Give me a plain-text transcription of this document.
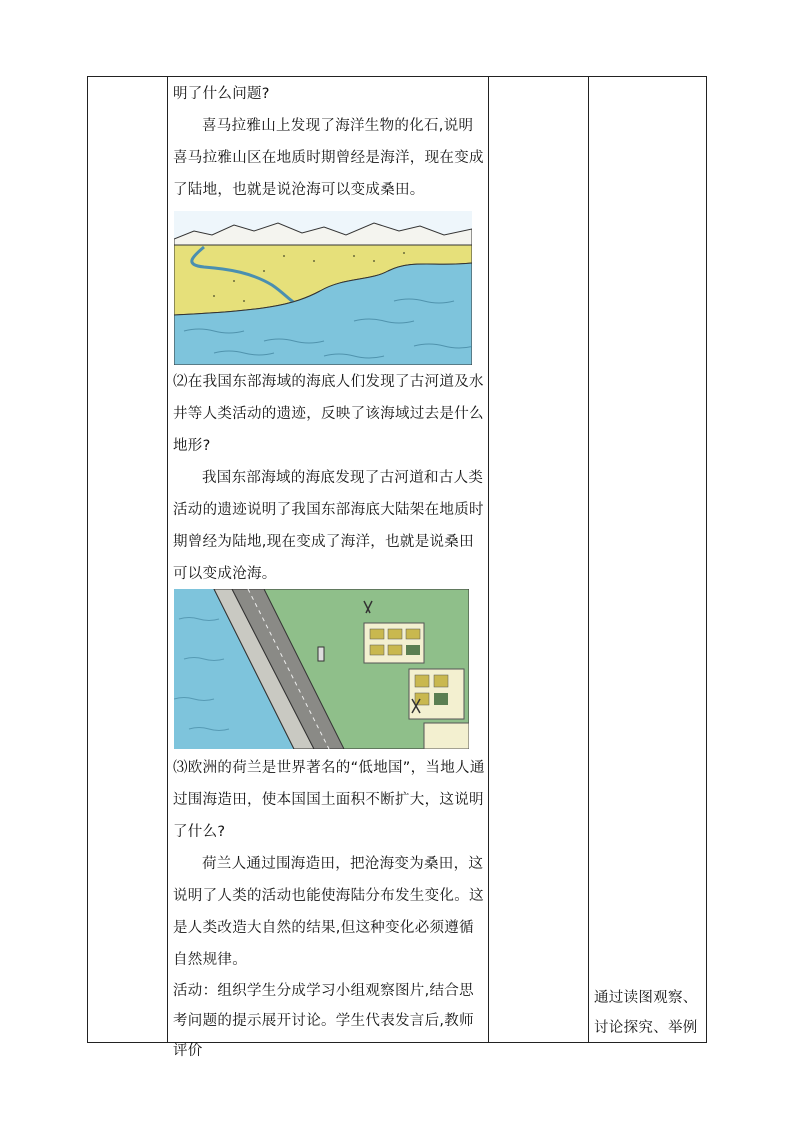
明了什么问题?

喜马拉雅山上发现了海洋生物的化石,说明喜马拉雅山区在地质时期曾经是海洋，现在变成了陆地，也就是说沧海可以变成桑田。

⑵在我国东部海域的海底人们发现了古河道及水井等人类活动的遗迹，反映了该海域过去是什么地形?

我国东部海域的海底发现了古河道和古人类活动的遗迹说明了我国东部海底大陆架在地质时期曾经为陆地,现在变成了海洋，也就是说桑田可以变成沧海。

⑶欧洲的荷兰是世界著名的“低地国”，当地人通过围海造田，使本国国土面积不断扩大，这说明了什么?

荷兰人通过围海造田，把沧海变为桑田，这说明了人类的活动也能使海陆分布发生变化。这是人类改造大自然的结果,但这种变化必须遵循自然规律。

活动：组织学生分成学习小组观察图片,结合思考问题的提示展开讨论。学生代表发言后,教师评价

通过读图观察、讨论探究、举例
